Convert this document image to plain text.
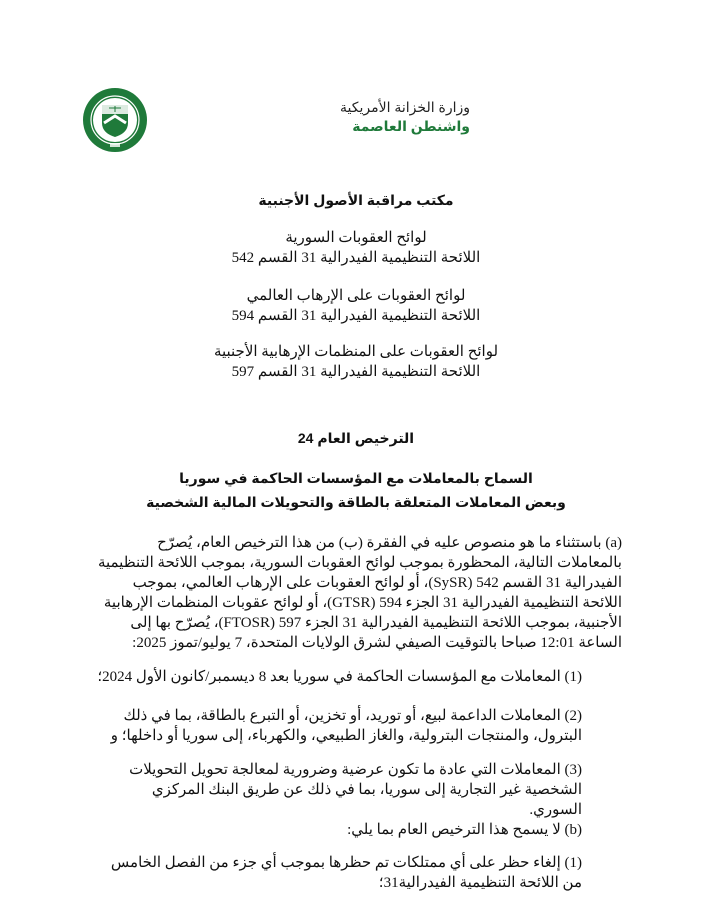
وزارة الخزانة الأمريكية
واشنطن العاصمة
مكتب مراقبة الأصول الأجنبية
لوائح العقوبات السورية
اللائحة التنظيمية الفيدرالية 31 القسم 542
لوائح العقوبات على الإرهاب العالمي
اللائحة التنظيمية الفيدرالية 31 القسم 594
لوائح العقوبات على المنظمات الإرهابية الأجنبية
اللائحة التنظيمية الفيدرالية 31 القسم 597
الترخيص العام 24
السماح بالمعاملات مع المؤسسات الحاكمة في سوريا
وبعض المعاملات المتعلقة بالطاقة والتحويلات المالية الشخصية
(a) باستثناء ما هو منصوص عليه في الفقرة (ب) من هذا الترخيص العام، يُصرّح بالمعاملات التالية، المحظورة بموجب لوائح العقوبات السورية، بموجب اللائحة التنظيمية الفيدرالية 31 القسم 542 (SySR)، أو لوائح العقوبات على الإرهاب العالمي، بموجب اللائحة التنظيمية الفيدرالية 31 الجزء 594 (GTSR)، أو لوائح عقوبات المنظمات الإرهابية الأجنبية، بموجب اللائحة التنظيمية الفيدرالية 31 الجزء 597 (FTOSR)، يُصرّح بها إلى الساعة 12:01 صباحا بالتوقيت الصيفي لشرق الولايات المتحدة، 7 يوليو/تموز 2025:
(1) المعاملات مع المؤسسات الحاكمة في سوريا بعد 8 ديسمبر/كانون الأول 2024؛
(2) المعاملات الداعمة لبيع، أو توريد، أو تخزين، أو التبرع بالطاقة، بما في ذلك البترول، والمنتجات البترولية، والغاز الطبيعي، والكهرباء، إلى سوريا أو داخلها؛ و
(3) المعاملات التي عادة ما تكون عرضية وضرورية لمعالجة تحويل التحويلات الشخصية غير التجارية إلى سوريا، بما في ذلك عن طريق البنك المركزي السوري.
(b) لا يسمح هذا الترخيص العام بما يلي:
(1) إلغاء حظر على أي ممتلكات تم حظرها بموجب أي جزء من الفصل الخامس من اللائحة التنظيمية الفيدرالية31؛
